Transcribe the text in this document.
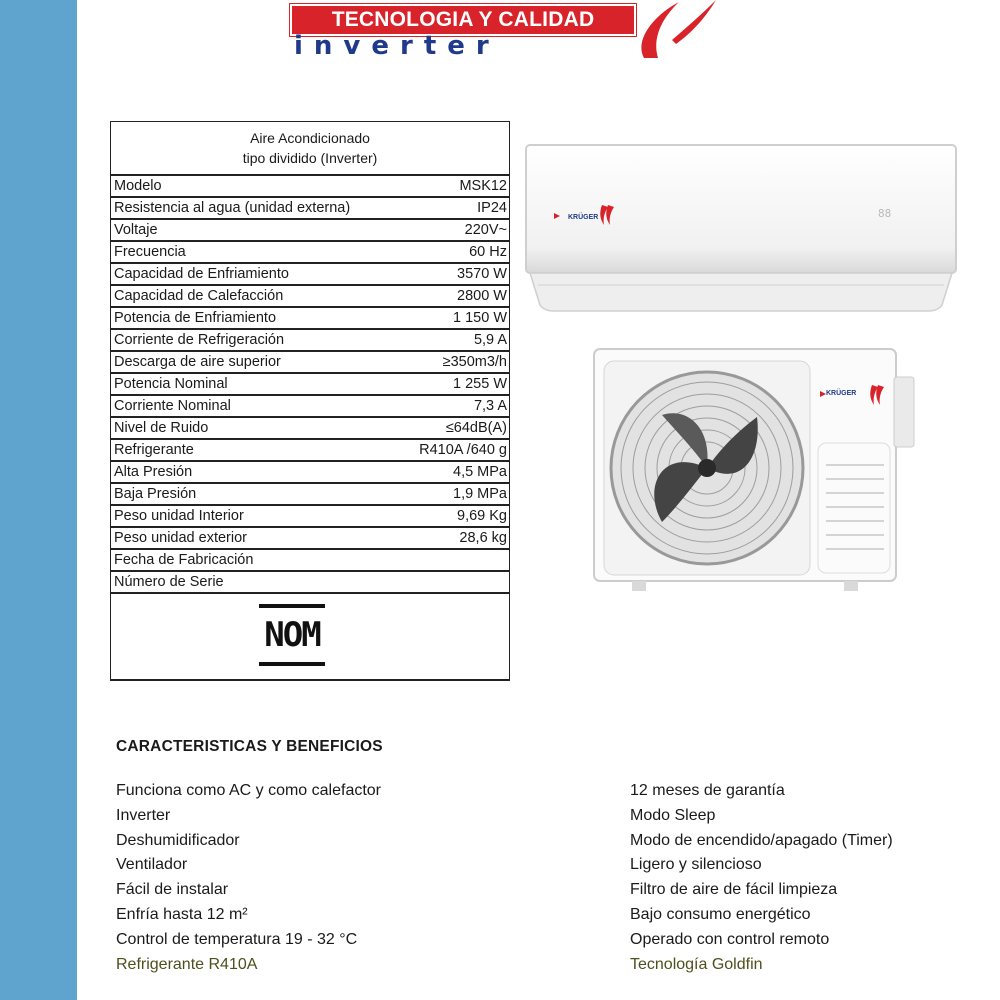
TECNOLOGIA Y CALIDAD
inverter
Aire Acondicionado
tipo dividido (Inverter)
Modelo	MSK12
Resistencia al agua (unidad externa)	IP24
Voltaje	220V~
Frecuencia	60 Hz
Capacidad de Enfriamiento	3570 W
Capacidad de Calefacción	2800 W
Potencia de Enfriamiento	1 150 W
Corriente de Refrigeración	5,9 A
Descarga de aire superior	≥350m3/h
Potencia Nominal	1 255 W
Corriente Nominal	7,3 A
Nivel de Ruido	≤64dB(A)
Refrigerante	R410A /640 g
Alta Presión	4,5 MPa
Baja Presión	1,9 MPa
Peso unidad Interior	9,69 Kg
Peso unidad exterior	28,6 kg
Fecha de Fabricación
Número de Serie
NOM
KRÜGER	88
KRÜGER
CARACTERISTICAS Y BENEFICIOS
Funciona como AC y como calefactor
Inverter
Deshumidificador
Ventilador
Fácil de instalar
Enfría hasta 12 m²
Control de temperatura 19 - 32 °C
Refrigerante R410A
12 meses de garantía
Modo Sleep
Modo de encendido/apagado (Timer)
Ligero y silencioso
Filtro de aire de fácil limpieza
Bajo consumo energético
Operado con control remoto
Tecnología Goldfin
